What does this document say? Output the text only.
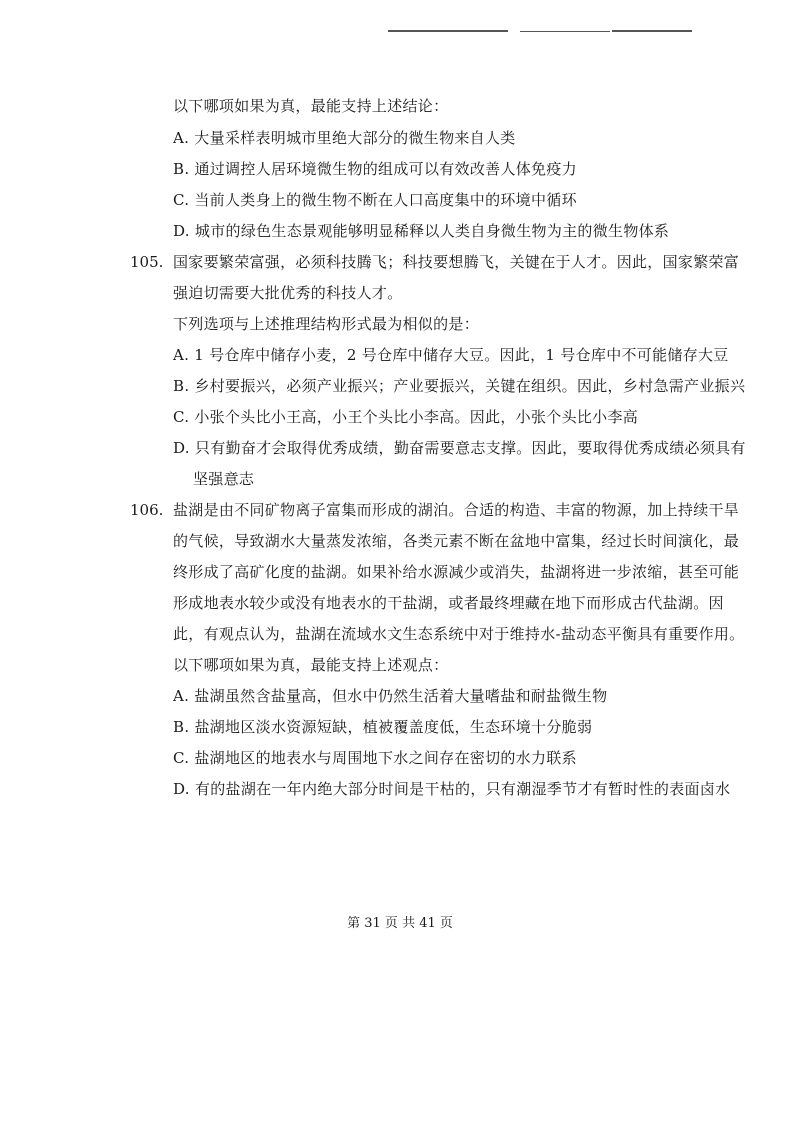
以下哪项如果为真，最能支持上述结论：
A. 大量采样表明城市里绝大部分的微生物来自人类
B. 通过调控人居环境微生物的组成可以有效改善人体免疫力
C. 当前人类身上的微生物不断在人口高度集中的环境中循环
D. 城市的绿色生态景观能够明显稀释以人类自身微生物为主的微生物体系
105. 国家要繁荣富强，必须科技腾飞；科技要想腾飞，关键在于人才。因此，国家繁荣富
强迫切需要大批优秀的科技人才。
下列选项与上述推理结构形式最为相似的是：
A. 1 号仓库中储存小麦，2 号仓库中储存大豆。因此，1 号仓库中不可能储存大豆
B. 乡村要振兴，必须产业振兴；产业要振兴，关键在组织。因此，乡村急需产业振兴
C. 小张个头比小王高，小王个头比小李高。因此，小张个头比小李高
D. 只有勤奋才会取得优秀成绩，勤奋需要意志支撑。因此，要取得优秀成绩必须具有
坚强意志
106. 盐湖是由不同矿物离子富集而形成的湖泊。合适的构造、丰富的物源，加上持续干旱
的气候，导致湖水大量蒸发浓缩，各类元素不断在盆地中富集，经过长时间演化，最
终形成了高矿化度的盐湖。如果补给水源减少或消失，盐湖将进一步浓缩，甚至可能
形成地表水较少或没有地表水的干盐湖，或者最终埋藏在地下而形成古代盐湖。因
此，有观点认为，盐湖在流域水文生态系统中对于维持水-盐动态平衡具有重要作用。
以下哪项如果为真，最能支持上述观点：
A. 盐湖虽然含盐量高，但水中仍然生活着大量嗜盐和耐盐微生物
B. 盐湖地区淡水资源短缺，植被覆盖度低，生态环境十分脆弱
C. 盐湖地区的地表水与周围地下水之间存在密切的水力联系
D. 有的盐湖在一年内绝大部分时间是干枯的，只有潮湿季节才有暂时性的表面卤水
第 31 页 共 41 页
